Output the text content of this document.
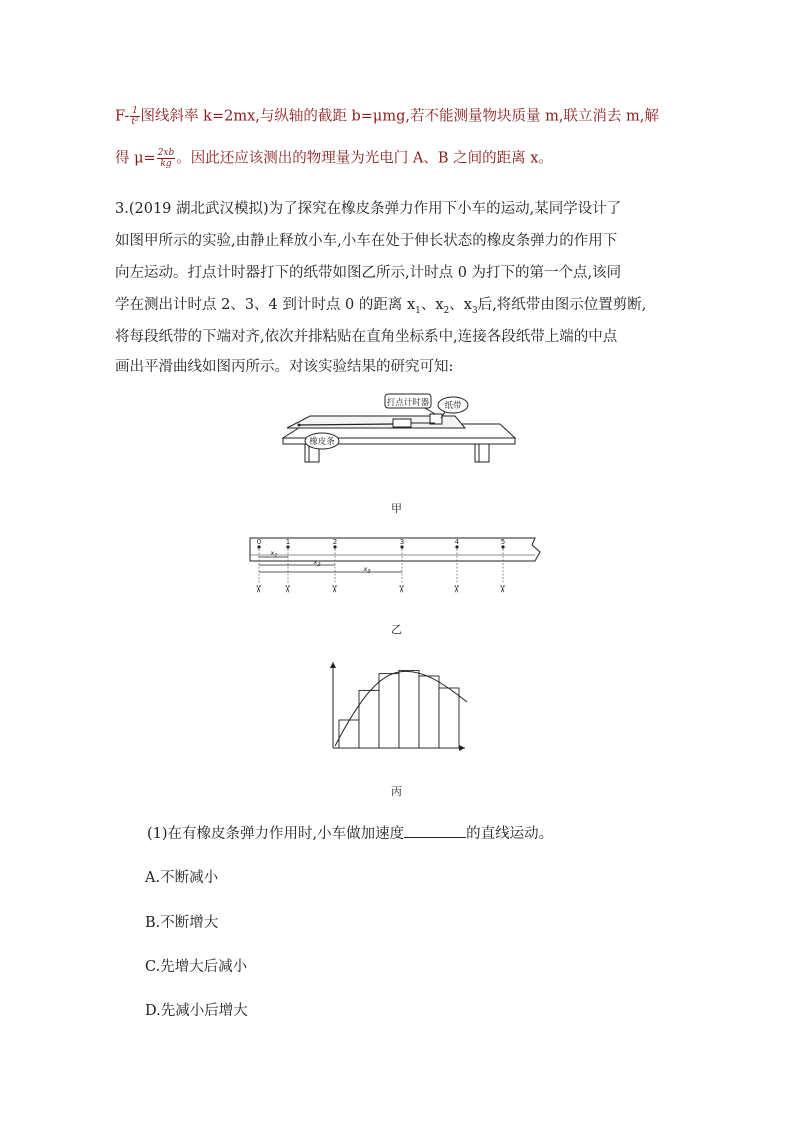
$F- \frac{1}{\text{t²}}$ 图线斜率 k=2mx,与纵轴的截距 b=μmg,若不能测量物块质量 m,联立消去 m,解
得 $\mu= \frac{2xb}{kg}$ 。因此还应该测出的物理量为光电门 A、B 之间的距离 x。
3.(2019 湖北武汉模拟)为了探究在橡皮条弹力作用下小车的运动,某同学设计了
如图甲所示的实验,由静止释放小车,小车在处于伸长状态的橡皮条弹力的作用下
向左运动。打点计时器打下的纸带如图乙所示,计时点 0 为打下的第一个点,该同
学在测出计时点 2、3、4 到计时点 0 的距离 $x_1$、$x_2$、$x_3$后,将纸带由图示位置剪断,
将每段纸带的下端对齐,依次并排粘贴在直角坐标系中,连接各段纸带上端的中点
画出平滑曲线如图丙所示。对该实验结果的研究可知:
打点计时器 纸带
橡皮条
甲
0	1	2	3	4	5
$x_1$
$x_2$	$x_3$
✂ ✂	✂	✂	✂	✂
乙
丙
(1)在有橡皮条弹力作用时,小车做加速度	的直线运动。
A.不断减小
B.不断增大
C.先增大后减小
D.先减小后增大
